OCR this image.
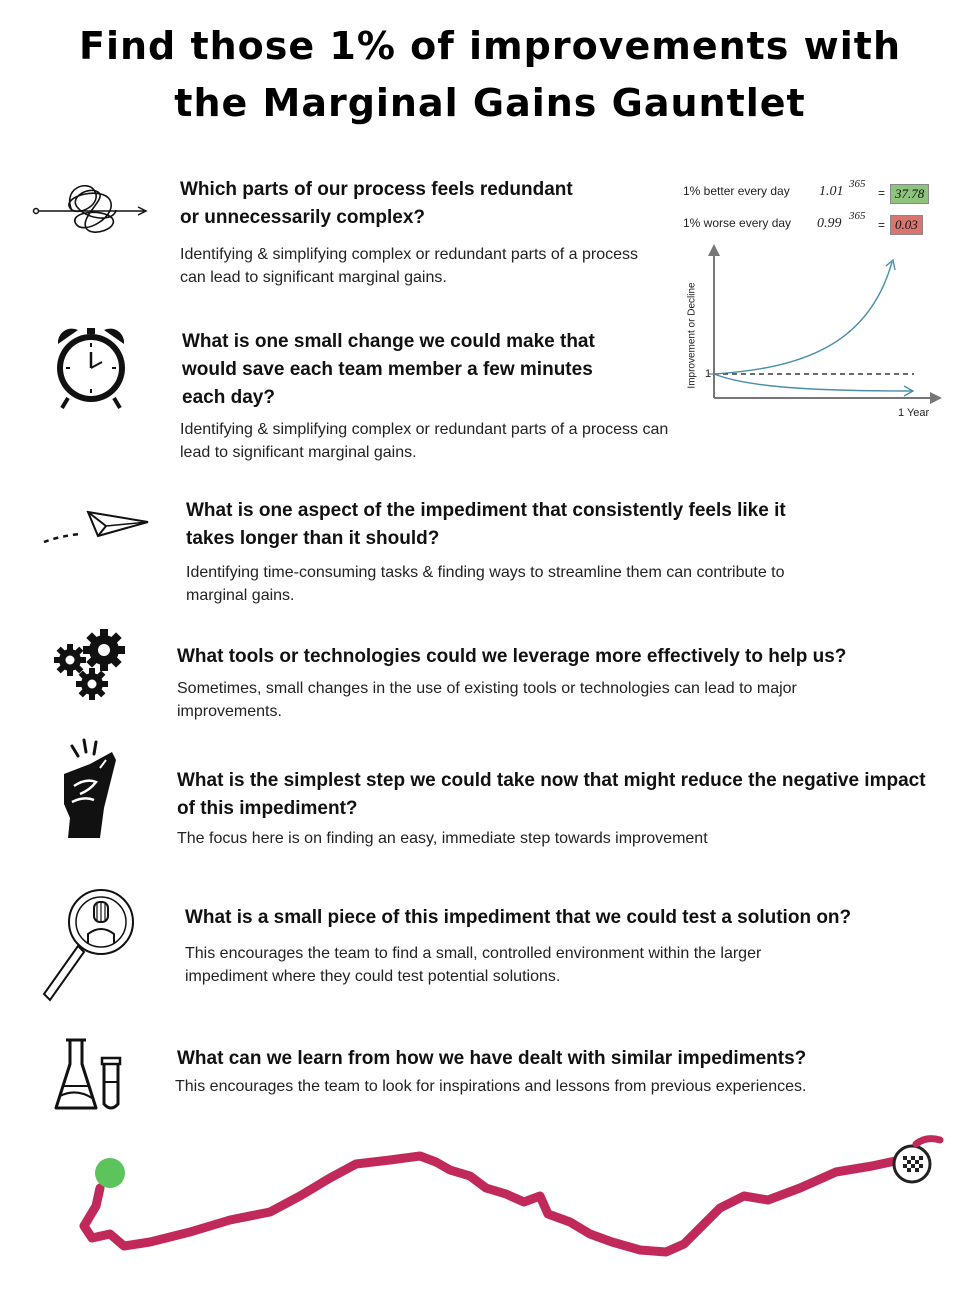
Find those 1% of improvements with
the Marginal Gains Gauntlet
Which parts of our process feels redundant
or unnecessarily complex?
Identifying & simplifying complex or redundant parts of a process
can lead to significant marginal gains.
1% better every day 1.01 365
= 37.78
1% worse every day 0.99 365
= 0.03
1
1 Year
Improvement or Decline
What is one small change we could make that
would save each team member a few minutes
each day?
Identifying & simplifying complex or redundant parts of a process can
lead to significant marginal gains.
What is one aspect of the impediment that consistently feels like it
takes longer than it should?
Identifying time-consuming tasks & finding ways to streamline them can contribute to
marginal gains.
What tools or technologies could we leverage more effectively to help us?
Sometimes, small changes in the use of existing tools or technologies can lead to major
improvements.
What is the simplest step we could take now that might reduce the negative impact
of this impediment?
The focus here is on finding an easy, immediate step towards improvement
What is a small piece of this impediment that we could test a solution on?
This encourages the team to find a small, controlled environment within the larger
impediment where they could test potential solutions.
What can we learn from how we have dealt with similar impediments?
This encourages the team to look for inspirations and lessons from previous experiences.
